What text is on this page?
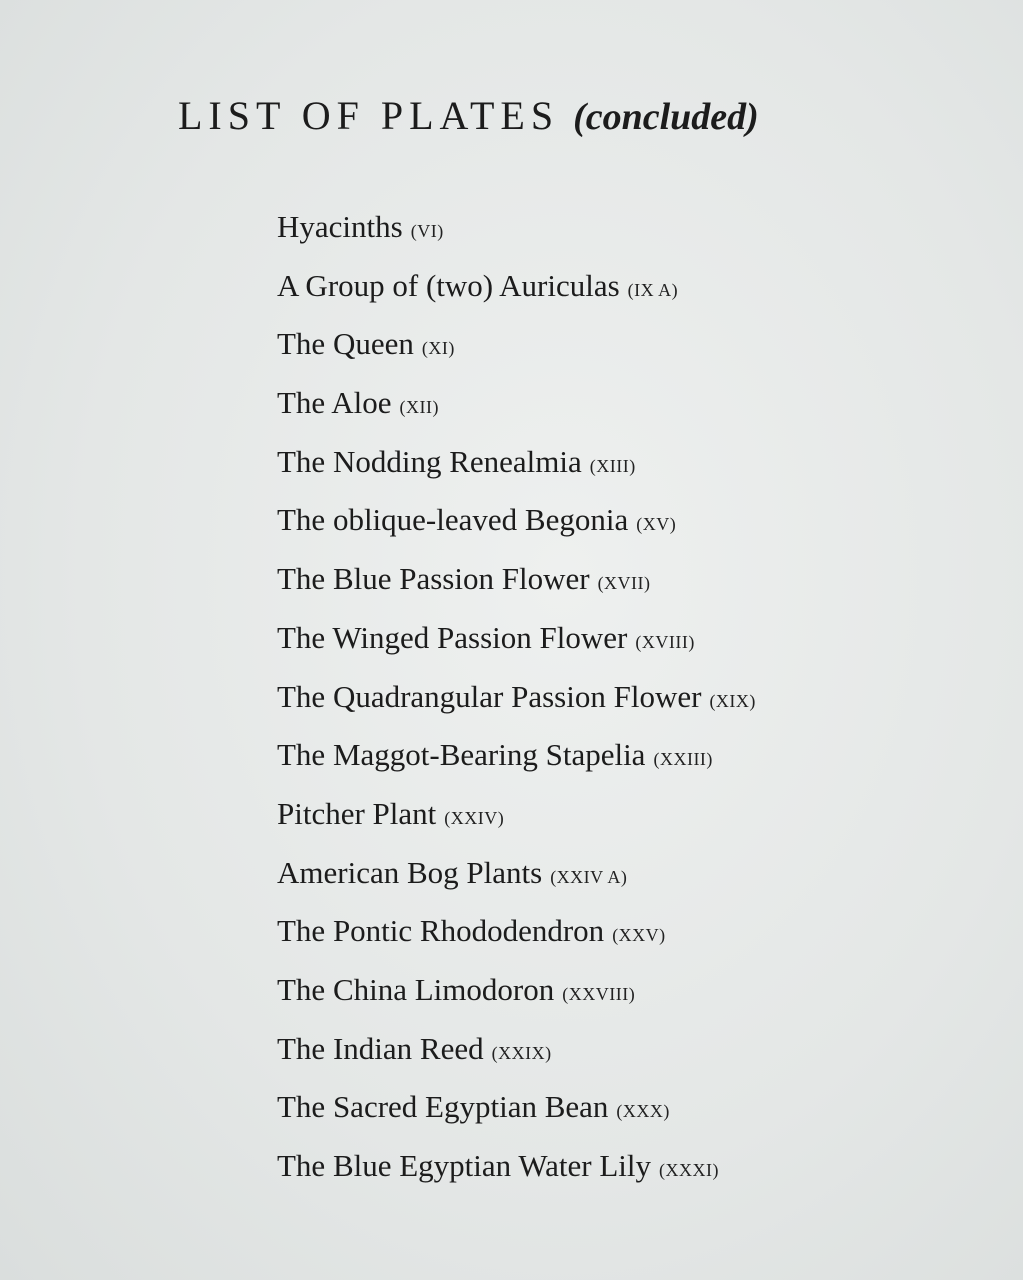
LIST OF PLATES (concluded)
Hyacinths (VI)
A Group of (two) Auriculas (IX A)
The Queen (XI)
The Aloe (XII)
The Nodding Renealmia (XIII)
The oblique-leaved Begonia (XV)
The Blue Passion Flower (XVII)
The Winged Passion Flower (XVIII)
The Quadrangular Passion Flower (XIX)
The Maggot-Bearing Stapelia (XXIII)
Pitcher Plant (XXIV)
American Bog Plants (XXIV A)
The Pontic Rhododendron (XXV)
The China Limodoron (XXVIII)
The Indian Reed (XXIX)
The Sacred Egyptian Bean (XXX)
The Blue Egyptian Water Lily (XXXI)
